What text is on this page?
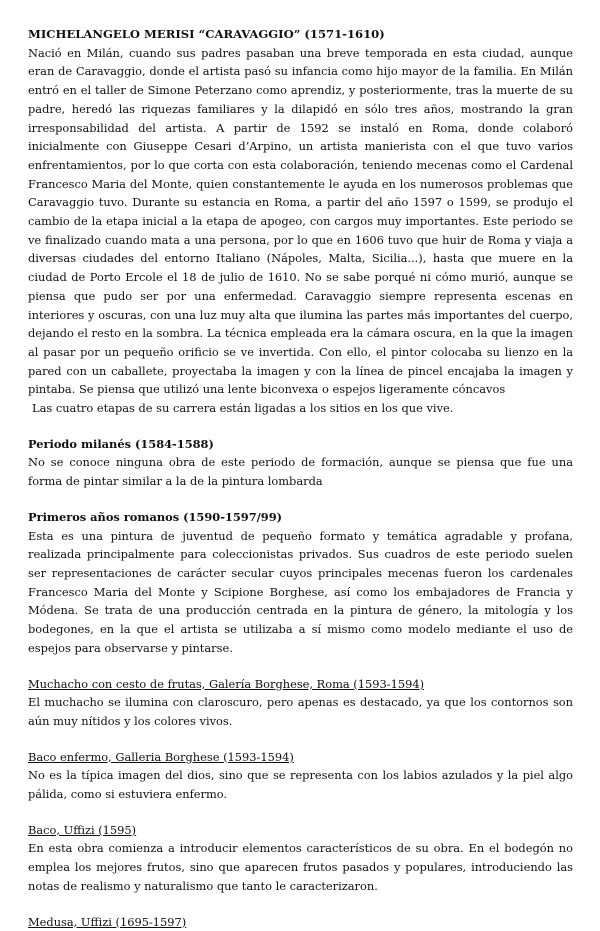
MICHELANGELO MERISI “CARAVAGGIO” (1571-1610)

Nació en Milán, cuando sus padres pasaban una breve temporada en esta ciudad, aunque eran de Caravaggio, donde el artista pasó su infancia como hijo mayor de la familia. En Milán entró en el taller de Simone Peterzano como aprendiz, y posteriormente, tras la muerte de su padre, heredó las riquezas familiares y la dilapidó en sólo tres años, mostrando la gran irresponsabilidad del artista. A partir de 1592 se instaló en Roma, donde colaboró inicialmente con Giuseppe Cesari d’Arpino, un artista manierista con el que tuvo varios enfrentamientos, por lo que corta con esta colaboración, teniendo mecenas como el Cardenal Francesco Maria del Monte, quien constantemente le ayuda en los numerosos problemas que Caravaggio tuvo. Durante su estancia en Roma, a partir del año 1597 o 1599, se produjo el cambio de la etapa inicial a la etapa de apogeo, con cargos muy importantes. Este periodo se ve finalizado cuando mata a una persona, por lo que en 1606 tuvo que huir de Roma y viaja a diversas ciudades del entorno Italiano (Nápoles, Malta, Sicilia...), hasta que muere en la ciudad de Porto Ercole el 18 de julio de 1610. No se sabe porqué ni cómo murió, aunque se piensa que pudo ser por una enfermedad. Caravaggio siempre representa escenas en interiores y oscuras, con una luz muy alta que ilumina las partes más importantes del cuerpo, dejando el resto en la sombra. La técnica empleada era la cámara oscura, en la que la imagen al pasar por un pequeño orificio se ve invertida. Con ello, el pintor colocaba su lienzo en la pared con un caballete, proyectaba la imagen y con la línea de pincel encajaba la imagen y pintaba. Se piensa que utilizó una lente biconvexa o espejos ligeramente cóncavos

Las cuatro etapas de su carrera están ligadas a los sitios en los que vive.

Periodo milanés (1584-1588)

No se conoce ninguna obra de este periodo de formación, aunque se piensa que fue una forma de pintar similar a la de la pintura lombarda

Primeros años romanos (1590-1597/99)

Esta es una pintura de juventud de pequeño formato y temática agradable y profana, realizada principalmente para coleccionistas privados. Sus cuadros de este periodo suelen ser representaciones de carácter secular cuyos principales mecenas fueron los cardenales Francesco Maria del Monte y Scipione Borghese, así como los embajadores de Francia y Módena. Se trata de una producción centrada en la pintura de género, la mitología y los bodegones, en la que el artista se utilizaba a sí mismo como modelo mediante el uso de espejos para observarse y pintarse.

Muchacho con cesto de frutas, Galería Borghese, Roma (1593-1594)

El muchacho se ilumina con claroscuro, pero apenas es destacado, ya que los contornos son aún muy nítidos y los colores vivos.

Baco enfermo, Galleria Borghese (1593-1594)

No es la típica imagen del dios, sino que se representa con los labios azulados y la piel algo pálida, como si estuviera enfermo.

Baco, Uffizi (1595)

En esta obra comienza a introducir elementos característicos de su obra. En el bodegón no emplea los mejores frutos, sino que aparecen frutos pasados y populares, introduciendo las notas de realismo y naturalismo que tanto le caracterizaron.

Medusa, Uffizi (1695-1597)
